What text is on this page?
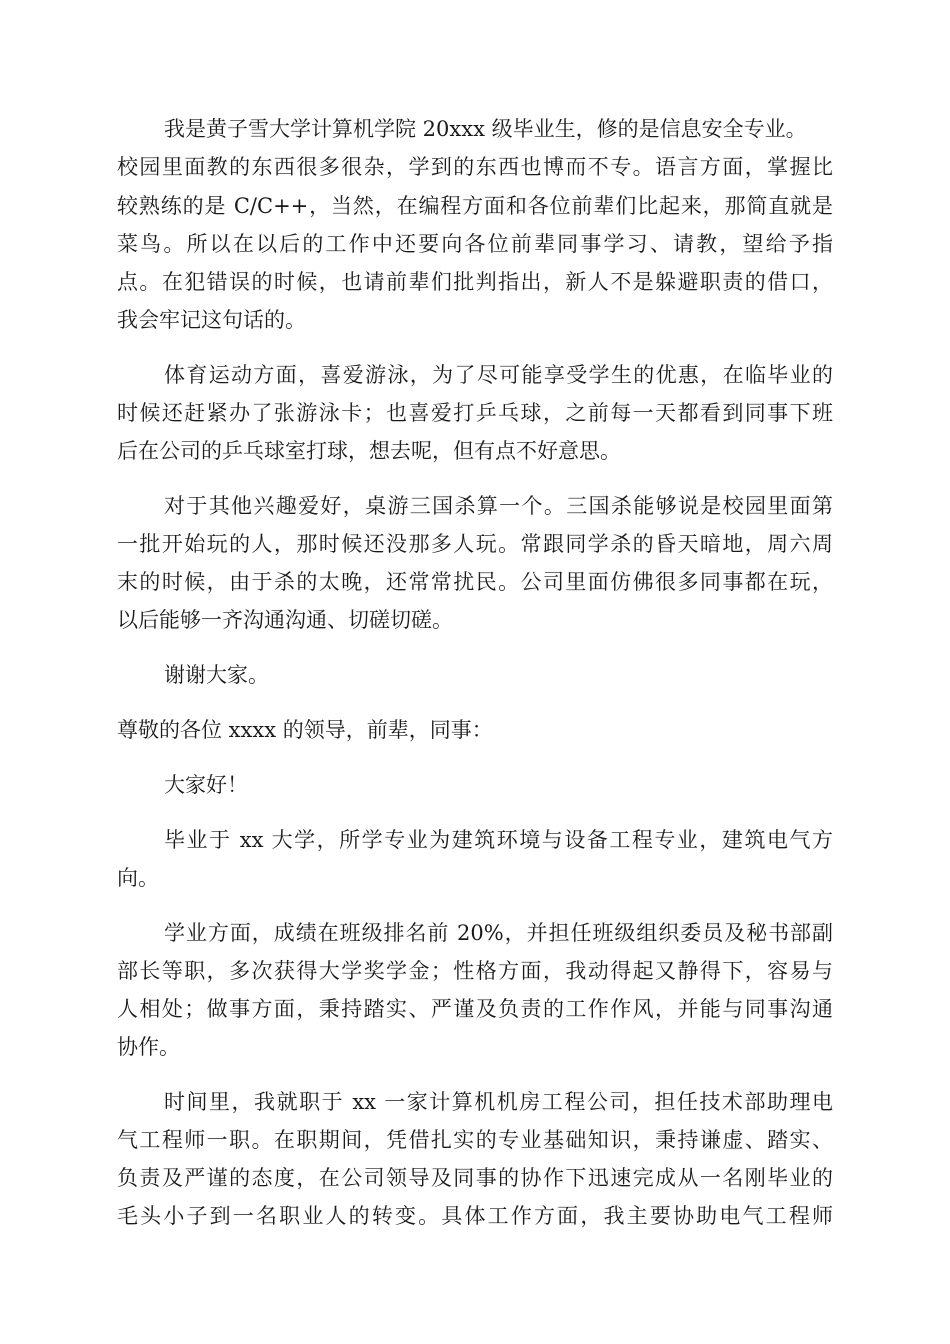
我是黄子雪大学计算机学院 20xxx 级毕业生，修的是信息安全专业。

校园里面教的东西很多很杂，学到的东西也博而不专。语言方面，掌握比

较熟练的是 C/C++，当然，在编程方面和各位前辈们比起来，那简直就是

菜鸟。所以在以后的工作中还要向各位前辈同事学习、请教，望给予指

点。在犯错误的时候，也请前辈们批判指出，新人不是躲避职责的借口，

我会牢记这句话的。

体育运动方面，喜爱游泳，为了尽可能享受学生的优惠，在临毕业的

时候还赶紧办了张游泳卡；也喜爱打乒乓球，之前每一天都看到同事下班

后在公司的乒乓球室打球，想去呢，但有点不好意思。

对于其他兴趣爱好，桌游三国杀算一个。三国杀能够说是校园里面第

一批开始玩的人，那时候还没那多人玩。常跟同学杀的昏天暗地，周六周

末的时候，由于杀的太晚，还常常扰民。公司里面仿佛很多同事都在玩，

以后能够一齐沟通沟通、切磋切磋。

谢谢大家。

尊敬的各位 xxxx 的领导，前辈，同事：

大家好！

毕业于 xx 大学，所学专业为建筑环境与设备工程专业，建筑电气方

向。

学业方面，成绩在班级排名前 20%，并担任班级组织委员及秘书部副

部长等职，多次获得大学奖学金；性格方面，我动得起又静得下，容易与

人相处；做事方面，秉持踏实、严谨及负责的工作作风，并能与同事沟通

协作。

时间里，我就职于 xx 一家计算机机房工程公司，担任技术部助理电

气工程师一职。在职期间，凭借扎实的专业基础知识，秉持谦虚、踏实、

负责及严谨的态度，在公司领导及同事的协作下迅速完成从一名刚毕业的

毛头小子到一名职业人的转变。具体工作方面，我主要协助电气工程师
